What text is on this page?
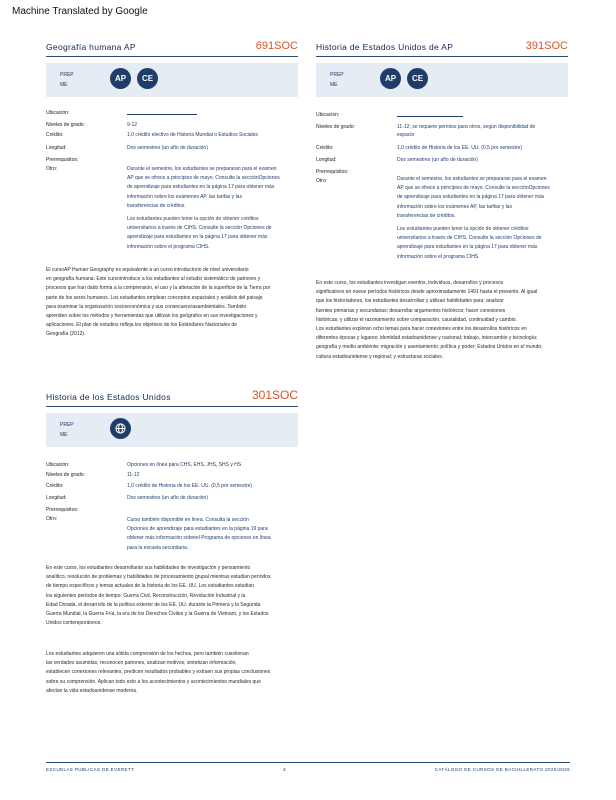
Machine Translated by Google
Geografía humana AP	691SOC
PREP
ME
AP	CE
Ubicación:
Niveles de grado:	9-12
Crédito:	1,0 crédito electivo de Historia Mundial o Estudios Sociales
Longitud:	Dos semestres (un año de duración)
Prerrequisitos:
Otro:	Durante el semestre, los estudiantes se prepararan para el examen
AP que se ofrece a principios de mayo. Consulte la secciónOpciones
de aprendizaje para estudiantes en la página 17 para obtener más
información sobre los exámenes AP, las tarifas y las
transferencias de créditos.
Los estudiantes pueden tener la opción de obtener créditos
universitarios a través de CIHS. Consulte la sección Opciones de
aprendizaje para estudiantes en la página 17 para obtener más
información sobre el programa CIHS.
El cursoAP Human Geography es equivalente a un curso introductorio de nivel universitario
en geografía humana. Este cursointroduce a los estudiantes al estudio sistemático de patrones y
procesos que han dado forma a la comprensión, el uso y la alteración de la superficie de la Tierra por
parte de los seres humanos. Los estudiantes emplean conceptos espaciales y análisis del paisaje
para examinar la organización socioeconómica y sus consecuenciasambientales. También
aprenden sobre los métodos y herramientas que utilizan los geógrafos en sus investigaciones y
aplicaciones. El plan de estudios refleja los objetivos de los Estándares Nacionales de
Geografía (2012).
Historia de Estados Unidos de AP	391SOC
PREP
ME
AP	CE
Ubicación:
Niveles de grado:	11-12; se requiere permiso para otros, según disponibilidad de
espacio
Crédito:	1,0 crédito de Historia de los EE. UU. (0,5 por semestre)
Longitud:	Dos semestres (un año de duración)
Prerrequisitos:
Otro:	Durante el semestre, los estudiantes se prepararan para el examen
AP que se ofrece a principios de mayo. Consulte la secciónOpciones
de aprendizaje para estudiantes en la página 17 para obtener más
información sobre los exámenes AP, las tarifas y las
transferencias de créditos.
Los estudiantes pueden tener la opción de obtener créditos
universitarios a través de CIHS. Consulte la sección Opciones de
aprendizaje para estudiantes en la página 17 para obtener más
información sobre el programa CIHS.
En este curso, los estudiantes investigan eventos, individuos, desarrollos y procesos
significativos en nueve períodos históricos desde aproximadamente 1491 hasta el presente. Al igual
que los historiadores, los estudiantes desarrollan y utilizan habilidades para: analizar
fuentes primarias y secundarias; desarrollar argumentos históricos; hacer conexiones
históricas; y utilizar el razonamiento sobre comparación, causalidad, continuidad y cambio.
Los estudiantes exploran ocho temas para hacer conexiones entre los desarrollos históricos en
diferentes épocas y lugares: identidad estadounidense y nacional; trabajo, intercambio y tecnología;
geografía y medio ambiente; migración y asentamiento; política y poder; Estados Unidos en el mundo;
cultura estadounidense y regional; y estructuras sociales.
Historia de los Estados Unidos	301SOC
PREP
ME
Ubicación:	Opciones en línea para CHS, EHS, JHS, SHS y HS
Niveles de grado:	11-12
Crédito:	1,0 crédito de Historia de los EE. UU. (0,5 por semestre)
Longitud:	Dos semestres (un año de duración)
Prerrequisitos:
Otro:	Curso también disponible en línea. Consulta la sección
Opciones de aprendizaje para estudiantes en la página 19 para
obtener más información sobreel Programa de opciones en línea
para la escuela secundaria.
En este curso, los estudiantes desarrollarán sus habilidades de investigación y pensamiento
analítico, resolución de problemas y habilidades de procesamiento grupal mientras estudian períodos
de tiempo específicos y temas actuales de la historia de los EE. UU. Los estudiantes estudian
los siguientes períodos de tiempo: Guerra Civil, Reconstrucción, Revolución Industrial y la
Edad Dorada, el desarrollo de la política exterior de los EE. UU. durante la Primera y la Segunda
Guerra Mundial, la Guerra Fría, la era de los Derechos Civiles y la Guerra de Vietnam, y los Estados
Unidos contemporáneos.
Los estudiantes adquieren una sólida comprensión de los hechos, pero también cuestionan
las verdades asumidas, reconocen patrones, analizan motivos, sintetizan información,
establecen conexiones relevantes, predicen resultados probables y extraen sus propias conclusiones
sobre su comprensión. Aplican todo esto a los acontecimientos y acontecimientos mundiales que
afectan la vida estadounidense moderna.
ESCUELAS PÚBLICAS DE EVERETT	3	CATÁLOGO DE CURSOS DE BACHILLERATO 2025/2026
